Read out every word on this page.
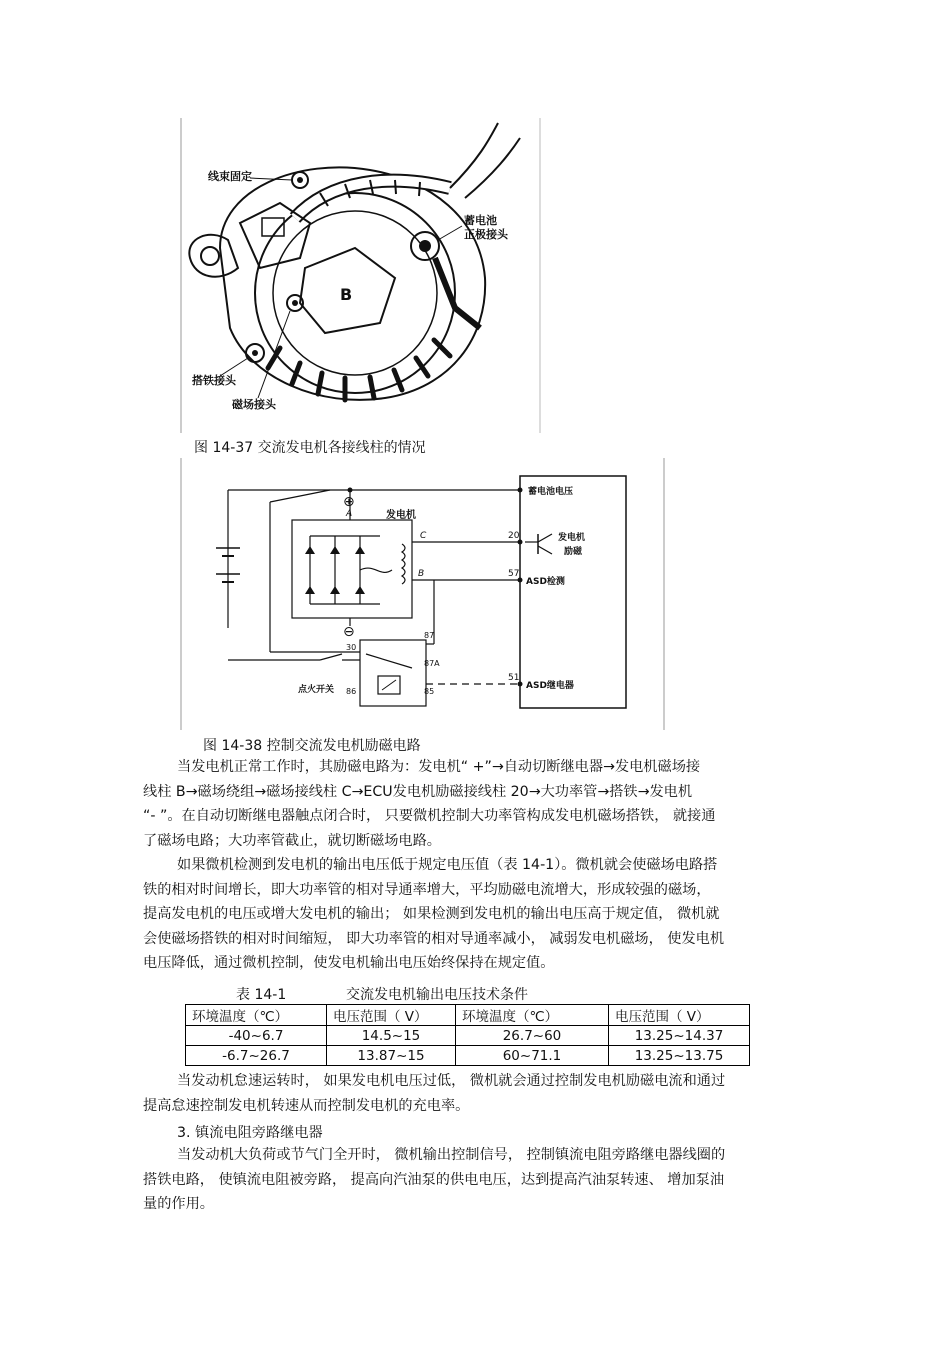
B
线束固定
蓄电池
正极接头
搭铁接头
磁场接头
图 14-37 交流发电机各接线柱的情况
A
⊕
⊖
C
B
发电机
20
57
51
蓄电池电压
发电机
励磁
ASD检测
ASD继电器
30
87
87A
86	85
点火开关
图 14-38 控制交流发电机励磁电路

当发电机正常工作时，其励磁电路为：发电机“ +”→自动切断继电器→发电机磁场接

线柱 B→磁场绕组→磁场接线柱 C→ECU发电机励磁接线柱 20→大功率管→搭铁→发电机

“- ”。在自动切断继电器触点闭合时， 只要微机控制大功率管构成发电机磁场搭铁， 就接通

了磁场电路；大功率管截止，就切断磁场电路。

如果微机检测到发电机的输出电压低于规定电压值（表 14-1）。微机就会使磁场电路搭

铁的相对时间增长，即大功率管的相对导通率增大，平均励磁电流增大，形成较强的磁场，

提高发电机的电压或增大发电机的输出； 如果检测到发电机的输出电压高于规定值， 微机就

会使磁场搭铁的相对时间缩短， 即大功率管的相对导通率减小， 减弱发电机磁场， 使发电机

电压降低，通过微机控制，使发电机输出电压始终保持在规定值。

表 14-1	交流发电机输出电压技术条件
环境温度（℃）	电压范围（ V）	环境温度（℃）	电压范围（ V）
-40~6.7	14.5~15	26.7~60	13.25~14.37
-6.7~26.7	13.87~15	60~71.1	13.25~13.75

当发动机怠速运转时， 如果发电机电压过低， 微机就会通过控制发电机励磁电流和通过

提高怠速控制发电机转速从而控制发电机的充电率。

3. 镇流电阻旁路继电器

当发动机大负荷或节气门全开时， 微机输出控制信号， 控制镇流电阻旁路继电器线圈的

搭铁电路， 使镇流电阻被旁路， 提高向汽油泵的供电电压，达到提高汽油泵转速、 增加泵油

量的作用。
